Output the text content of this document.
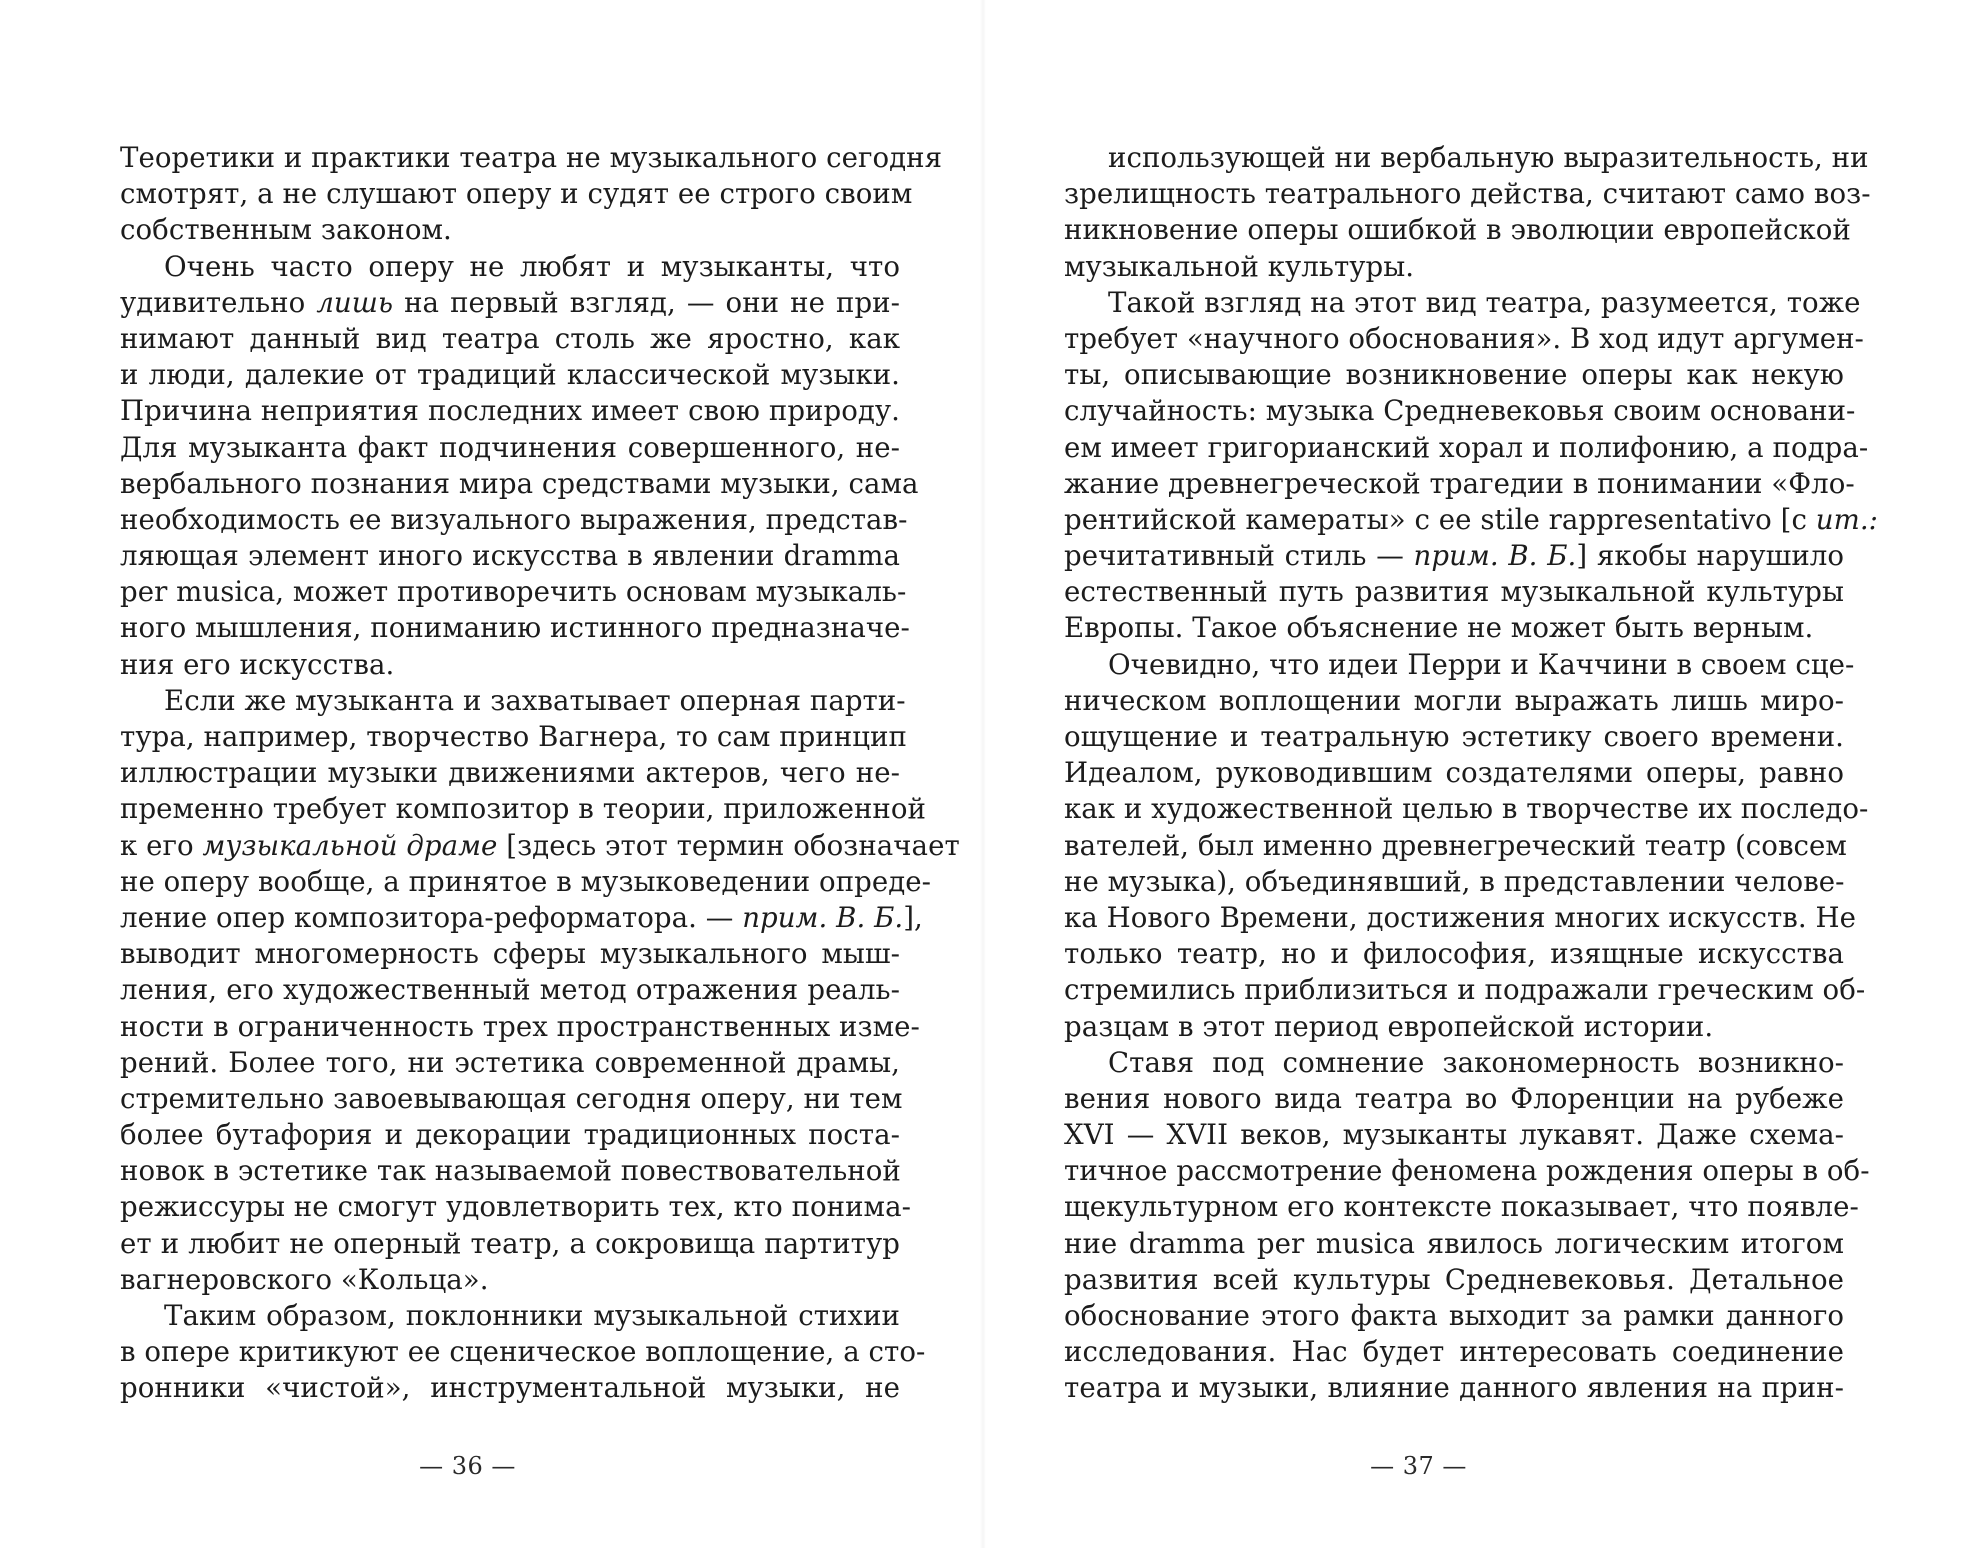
Теоретики и практики театра не музыкального сегодня
смотрят, а не слушают оперу и судят ее строго своим
собственным законом.
Очень часто оперу не любят и музыканты, что
удивительно лишь на первый взгляд, — они не при-
нимают данный вид театра столь же яростно, как
и люди, далекие от традиций классической музыки.
Причина неприятия последних имеет свою природу.
Для музыканта факт подчинения совершенного, не-
вербального познания мира средствами музыки, сама
необходимость ее визуального выражения, представ-
ляющая элемент иного искусства в явлении dramma
per musica, может противоречить основам музыкаль-
ного мышления, пониманию истинного предназначе-
ния его искусства.
Если же музыканта и захватывает оперная парти-
тура, например, творчество Вагнера, то сам принцип
иллюстрации музыки движениями актеров, чего не-
пременно требует композитор в теории, приложенной
к его музыкальной драме [здесь этот термин обозначает
не оперу вообще, а принятое в музыковедении опреде-
ление опер композитора-реформатора. — прим. В. Б.],
выводит многомерность сферы музыкального мыш-
ления, его художественный метод отражения реаль-
ности в ограниченность трех пространственных изме-
рений. Более того, ни эстетика современной драмы,
стремительно завоевывающая сегодня оперу, ни тем
более бутафория и декорации традиционных поста-
новок в эстетике так называемой повествовательной
режиссуры не смогут удовлетворить тех, кто понима-
ет и любит не оперный театр, а сокровища партитур
вагнеровского «Кольца».
Таким образом, поклонники музыкальной стихии
в опере критикуют ее сценическое воплощение, а сто-
ронники «чистой», инструментальной музыки, не
— 36 —
использующей ни вербальную выразительность, ни
зрелищность театрального действа, считают само воз-
никновение оперы ошибкой в эволюции европейской
музыкальной культуры.
Такой взгляд на этот вид театра, разумеется, тоже
требует «научного обоснования». В ход идут аргумен-
ты, описывающие возникновение оперы как некую
случайность: музыка Средневековья своим основани-
ем имеет григорианский хорал и полифонию, а подра-
жание древнегреческой трагедии в понимании «Фло-
рентийской камераты» с ее stile rappresentativo [с ит.:
речитативный стиль — прим. В. Б.] якобы нарушило
естественный путь развития музыкальной культуры
Европы. Такое объяснение не может быть верным.
Очевидно, что идеи Перри и Каччини в своем сце-
ническом воплощении могли выражать лишь миро-
ощущение и театральную эстетику своего времени.
Идеалом, руководившим создателями оперы, равно
как и художественной целью в творчестве их последо-
вателей, был именно древнегреческий театр (совсем
не музыка), объединявший, в представлении челове-
ка Нового Времени, достижения многих искусств. Не
только театр, но и философия, изящные искусства
стремились приблизиться и подражали греческим об-
разцам в этот период европейской истории.
Ставя под сомнение закономерность возникно-
вения нового вида театра во Флоренции на рубеже
XVI — XVII веков, музыканты лукавят. Даже схема-
тичное рассмотрение феномена рождения оперы в об-
щекультурном его контексте показывает, что появле-
ние dramma per musica явилось логическим итогом
развития всей культуры Средневековья. Детальное
обоснование этого факта выходит за рамки данного
исследования. Нас будет интересовать соединение
театра и музыки, влияние данного явления на прин-
— 37 —
